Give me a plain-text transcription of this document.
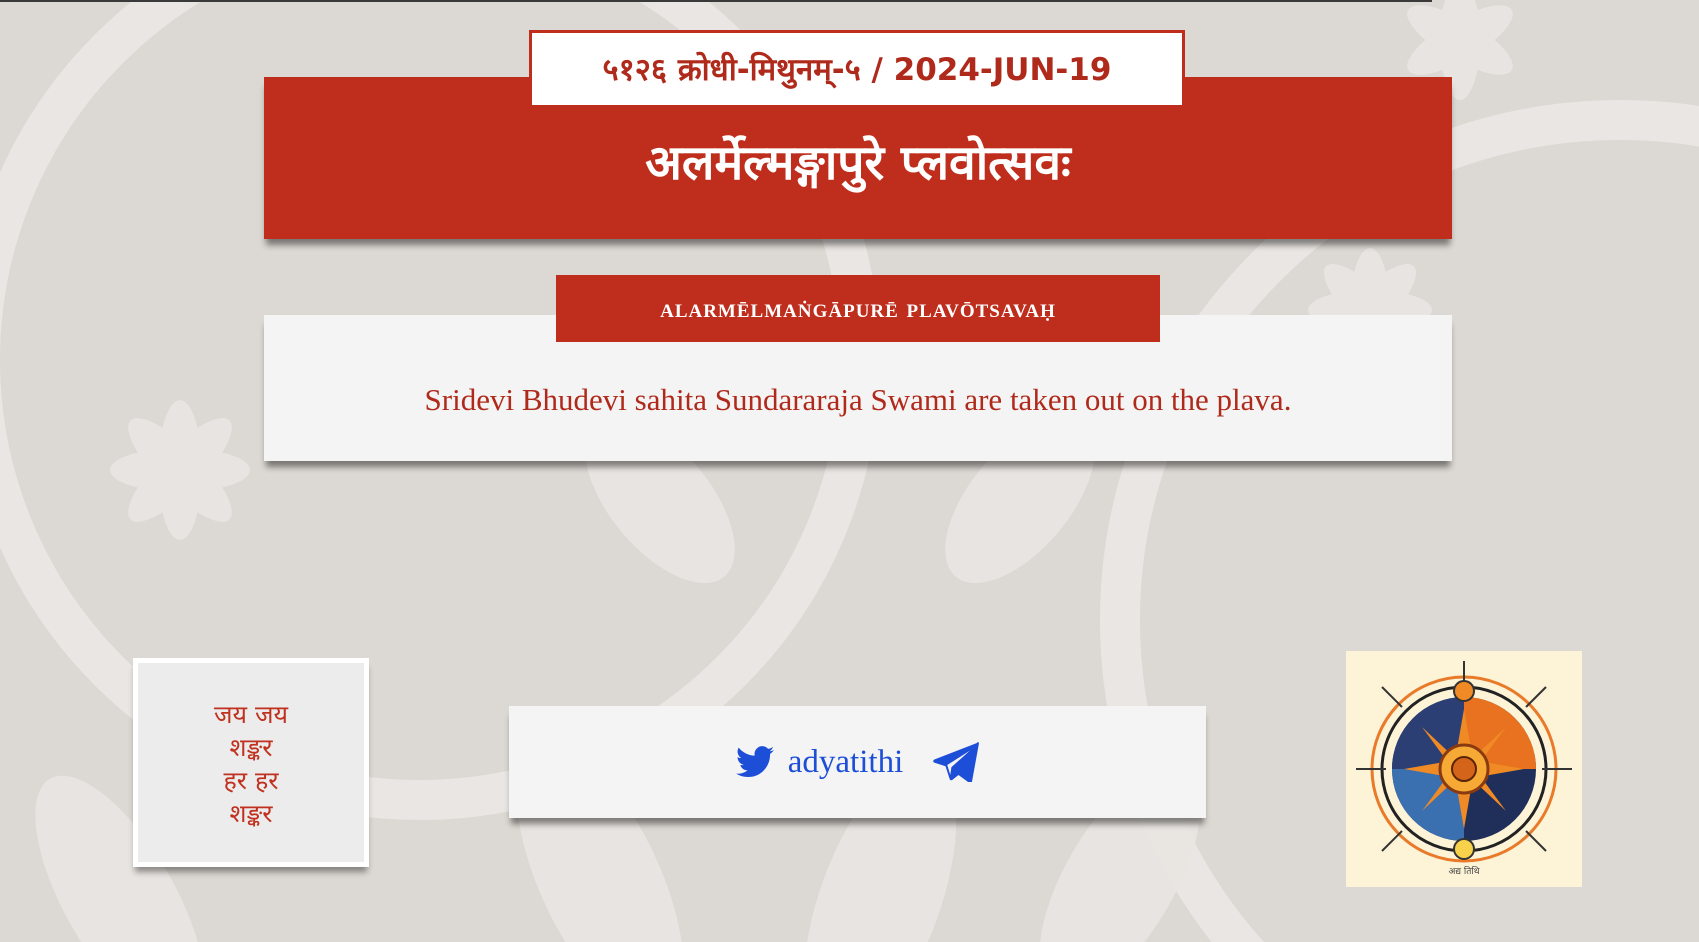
अलर्मेल्मङ्गापुरे प्लवोत्सवः
५१२६ क्रोधी-मिथुनम्-५ / 2024-JUN-19
Sridevi Bhudevi sahita Sundararaja Swami are taken out on the plava.
alarmēlmaṅgāpurē plavōtsavaḥ
जय जय
शङ्कर
हर हर
शङ्कर
adyatithi
अद्य तिथि
